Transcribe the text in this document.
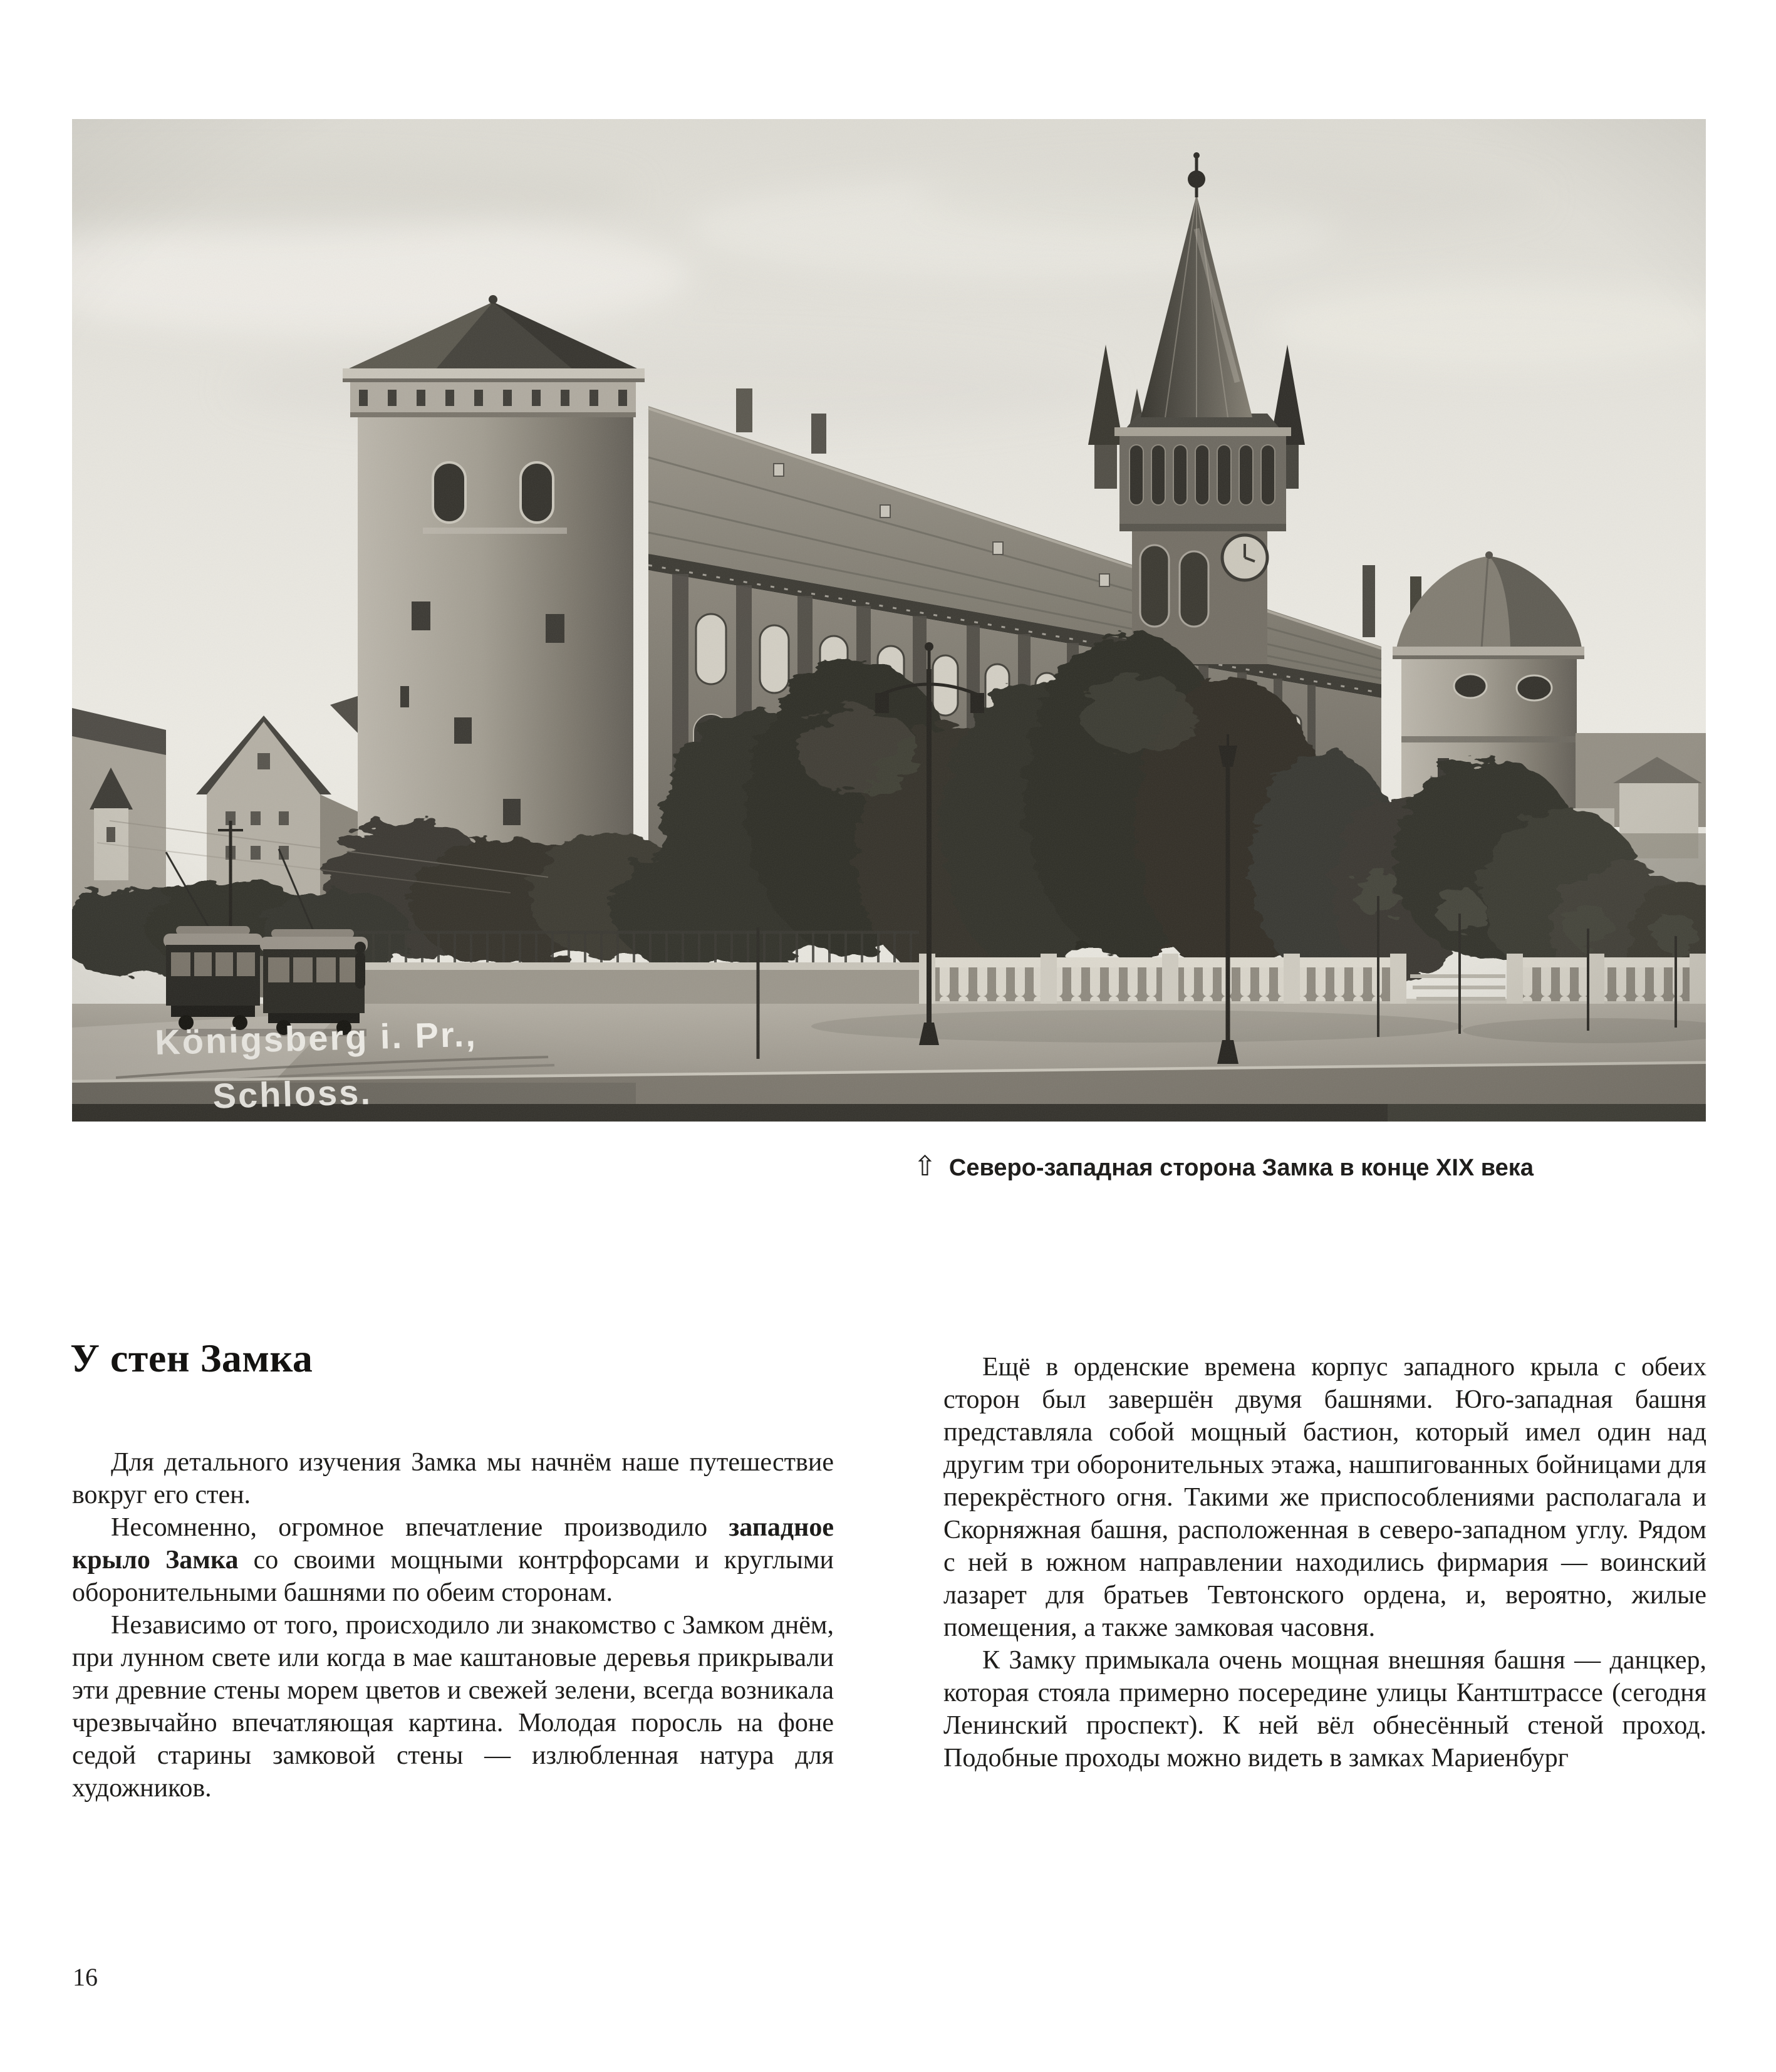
⇧ Северо-западная сторона Замка в конце XIX века
У стен Замка

Для детального изучения Замка мы начнём наше путешествие вокруг его стен.

Несомненно, огромное впечатление производило западное крыло Замка со своими мощными контрфорсами и круглыми оборонительными башнями по обеим сторонам.

Независимо от того, происходило ли знакомство с Замком днём, при лунном свете или когда в мае каштановые деревья прикрывали эти древние стены морем цветов и свежей зелени, всегда возникала чрезвычайно впечатляющая картина. Молодая поросль на фоне седой старины замковой стены — излюбленная натура для художников.

Ещё в орденские времена корпус западного крыла с обеих сторон был завершён двумя башнями. Юго-западная башня представляла собой мощный бастион, который имел один над другим три оборонительных этажа, нашпигованных бойницами для перекрёстного огня. Такими же приспособлениями располагала и Скорняжная башня, расположенная в северо-западном углу. Рядом с ней в южном направлении находились фирмария — воинский лазарет для братьев Тевтонского ордена, и, вероятно, жилые помещения, а также замковая часовня.

К Замку примыкала очень мощная внешняя башня — данцкер, которая стояла примерно посередине улицы Кантштрассе (сегодня Ленинский проспект). К ней вёл обнесённый стеной проход. Подобные проходы можно видеть в замках Мариенбург

16
